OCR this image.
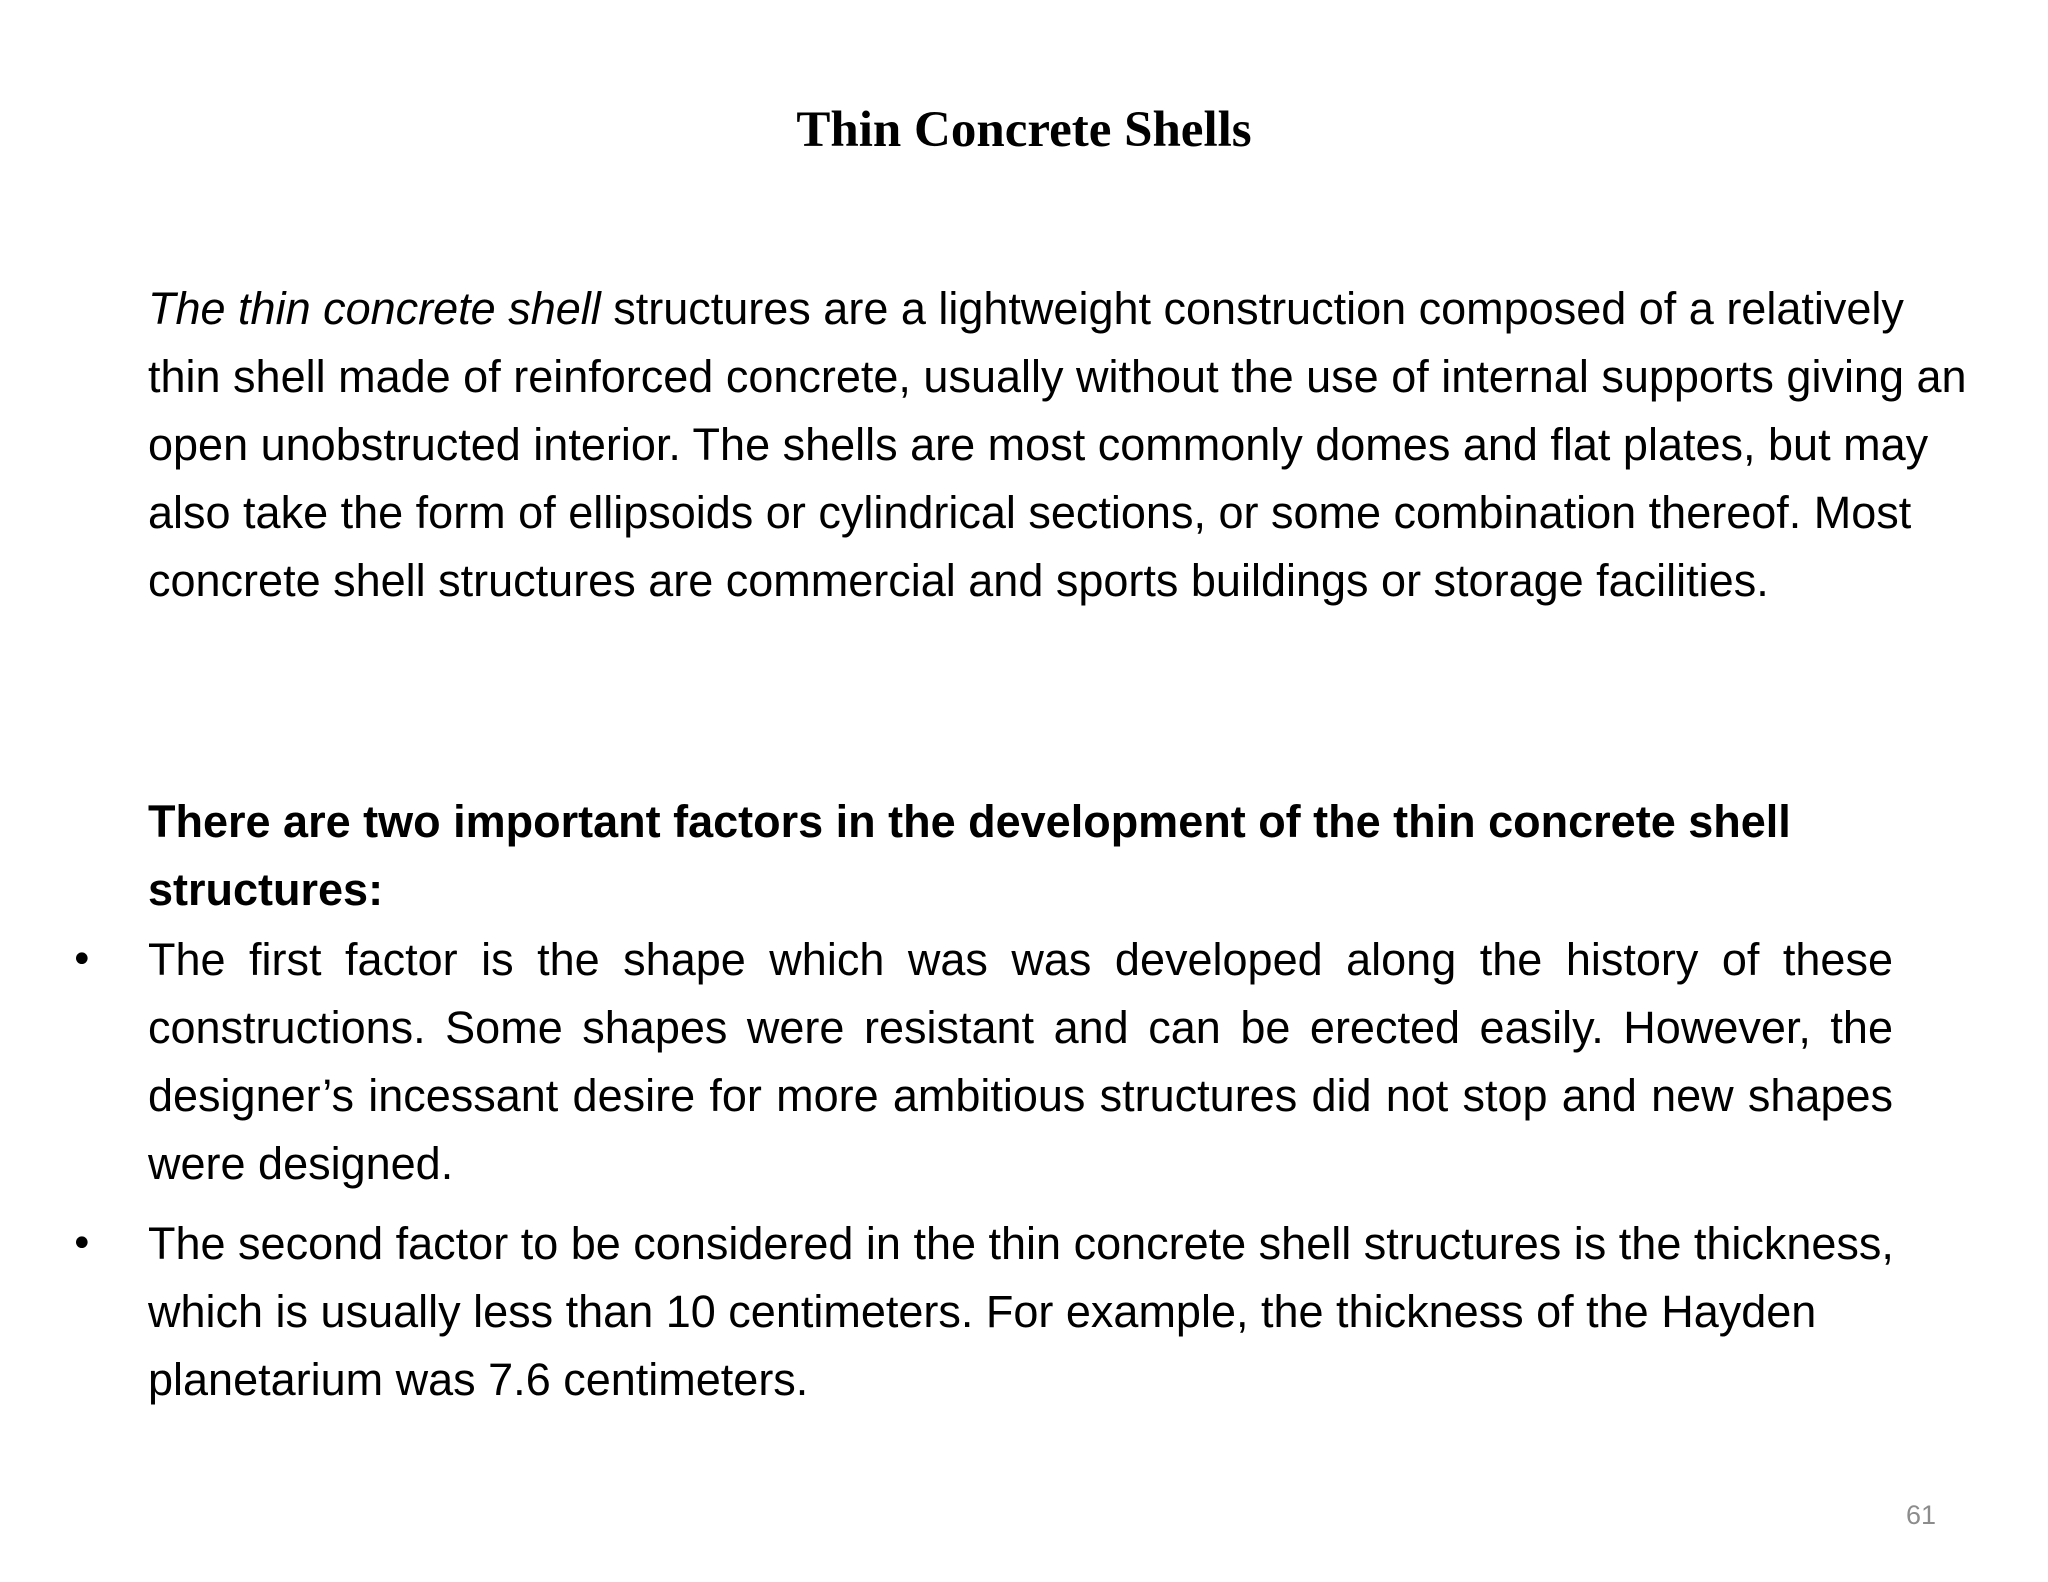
Thin Concrete Shells

The thin concrete shell structures are a lightweight construction composed of a relatively thin shell made of reinforced concrete, usually without the use of internal supports giving an open unobstructed interior. The shells are most commonly domes and flat plates, but may also take the form of ellipsoids or cylindrical sections, or some combination thereof. Most concrete shell structures are commercial and sports buildings or storage facilities.

There are two important factors in the development of the thin concrete shell structures:

• The first factor is the shape which was was developed along the history of these constructions. Some shapes were resistant and can be erected easily. However, the designer’s incessant desire for more ambitious structures did not stop and new shapes were designed.
• The second factor to be considered in the thin concrete shell structures is the thickness, which is usually less than 10 centimeters. For example, the thickness of the Hayden planetarium was 7.6 centimeters.
61
